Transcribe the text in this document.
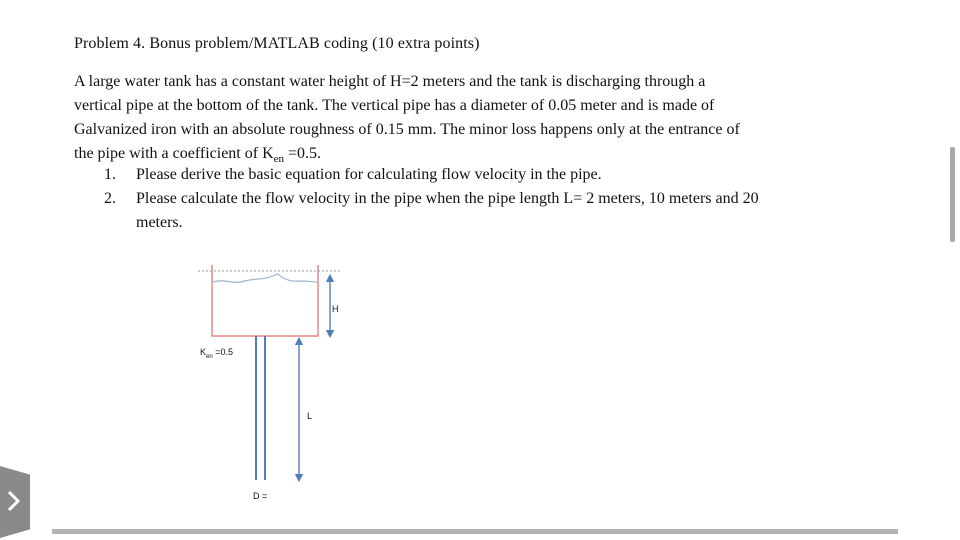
Problem 4. Bonus problem/MATLAB coding (10 extra points)
A large water tank has a constant water height of H=2 meters and the tank is discharging through a
vertical pipe at the bottom of the tank. The vertical pipe has a diameter of 0.05 meter and is made of
Galvanized iron with an absolute roughness of 0.15 mm. The minor loss happens only at the entrance of
the pipe with a coefficient of $K_{en} =0.5$.
1. Please derive the basic equation for calculating flow velocity in the pipe.
2. Please calculate the flow velocity in the pipe when the pipe length L= 2 meters, 10 meters and 20
meters.
H
$K_{en} =0.5$
L
D =
